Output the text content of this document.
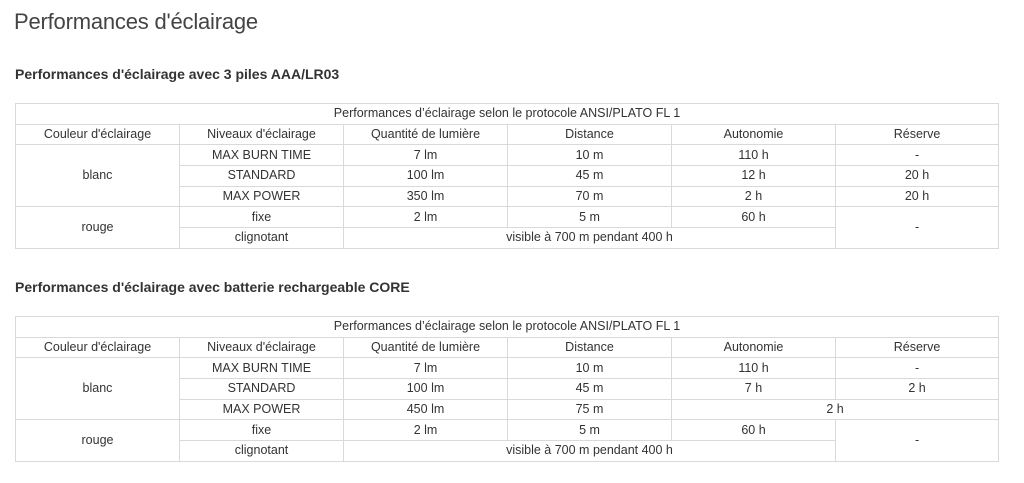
Performances d'éclairage
Performances d'éclairage avec 3 piles AAA/LR03
Performances d’éclairage selon le protocole ANSI/PLATO FL 1					
Couleur d'éclairage	Niveaux d'éclairage	Quantité de lumière	Distance	Autonomie	Réserve
blanc	MAX BURN TIME	7 lm	10 m	110 h	-
	STANDARD	100 lm	45 m	12 h	20 h
	MAX POWER	350 lm	70 m	2 h	20 h
rouge	fixe	2 lm	5 m	60 h	-
	clignotant	visible à 700 m pendant 400 h			
Performances d'éclairage avec batterie rechargeable CORE
Performances d’éclairage selon le protocole ANSI/PLATO FL 1					
Couleur d'éclairage	Niveaux d'éclairage	Quantité de lumière	Distance	Autonomie	Réserve
blanc	MAX BURN TIME	7 lm	10 m	110 h	-
	STANDARD	100 lm	45 m	7 h	2 h
	MAX POWER	450 lm	75 m	2 h	
rouge	fixe	2 lm	5 m	60 h	-
	clignotant	visible à 700 m pendant 400 h			
